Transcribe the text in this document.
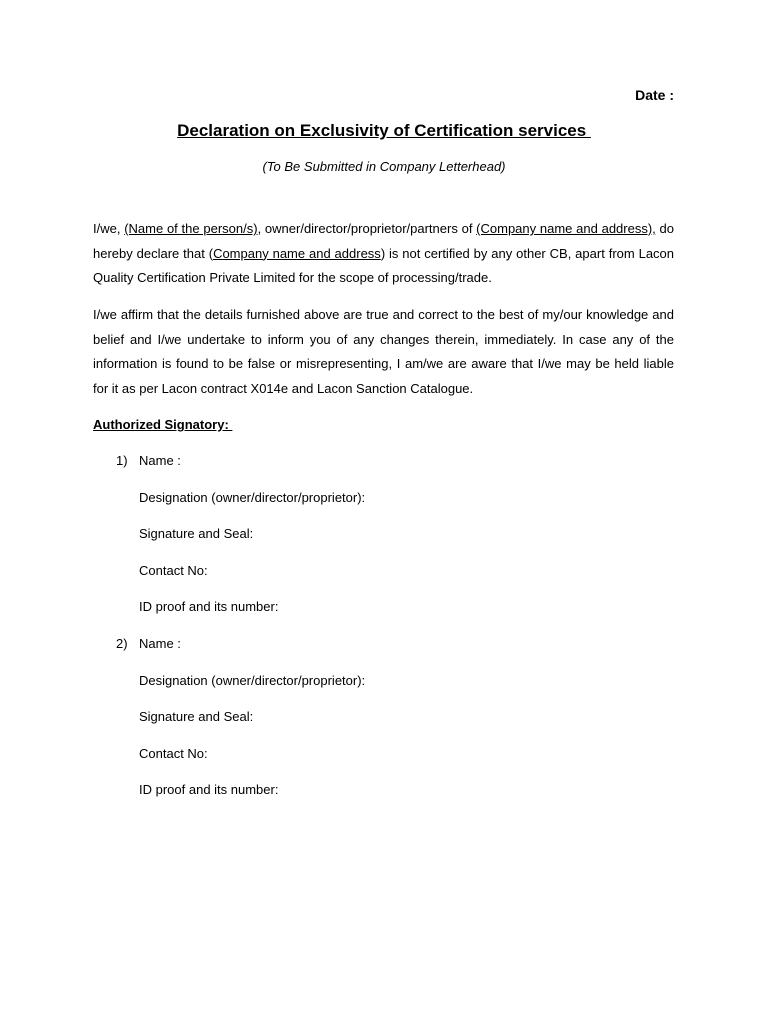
Date :
Declaration on Exclusivity of Certification services
(To Be Submitted in Company Letterhead)
I/we, (Name of the person/s), owner/director/proprietor/partners of (Company name and address), do hereby declare that (Company name and address) is not certified by any other CB, apart from Lacon Quality Certification Private Limited for the scope of processing/trade.
I/we affirm that the details furnished above are true and correct to the best of my/our knowledge and belief and I/we undertake to inform you of any changes therein, immediately. In case any of the information is found to be false or misrepresenting, I am/we are aware that I/we may be held liable for it as per Lacon contract X014e and Lacon Sanction Catalogue.
Authorized Signatory:
1) Name :
Designation (owner/director/proprietor):
Signature and Seal:
Contact No:
ID proof and its number:
2) Name :
Designation (owner/director/proprietor):
Signature and Seal:
Contact No:
ID proof and its number:
